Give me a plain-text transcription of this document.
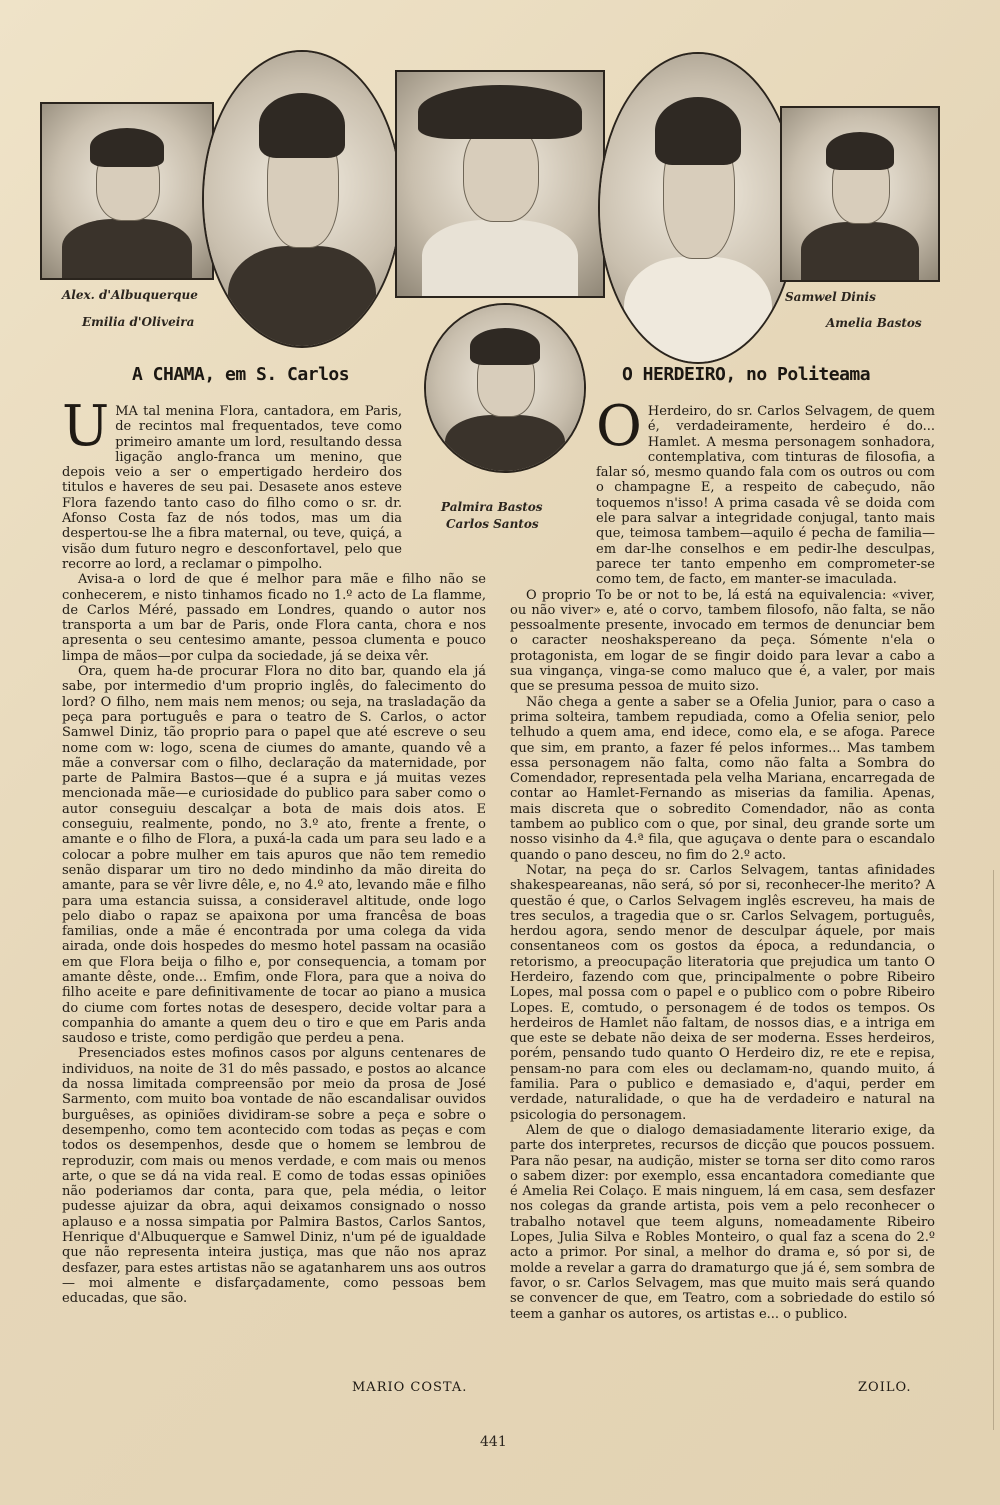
Alex. d'Albuquerque
Emilia d'Oliveira
Samwel Dinis
Amelia Bastos
Palmira Bastos
Carlos Santos
A CHAMA, em S. Carlos	O HERDEIRO, no Politeama

UMA tal menina Flora, cantadora, em Paris, de recintos mal frequentados, teve como primeiro amante um lord, resultando dessa ligação anglo-franca um menino, que depois veio a ser o empertigado herdeiro dos titulos e haveres de seu pai. Desasete anos esteve Flora fazendo tanto caso do filho como o sr. dr. Afonso Costa faz de nós todos, mas um dia despertou-se lhe a fibra maternal, ou teve, quiçá, a visão dum futuro negro e desconfortavel, pelo que recorre ao lord, a reclamar o pimpolho.

Avisa-a o lord de que é melhor para mãe e filho não se conhecerem, e nisto tinhamos ficado no 1.º acto de La flamme, de Carlos Méré, passado em Londres, quando o autor nos transporta a um bar de Paris, onde Flora canta, chora e nos apresenta o seu centesimo amante, pessoa clumenta e pouco limpa de mãos—por culpa da sociedade, já se deixa vêr.

Ora, quem ha-de procurar Flora no dito bar, quando ela já sabe, por intermedio d'um proprio inglês, do falecimento do lord? O filho, nem mais nem menos; ou seja, na trasladação da peça para português e para o teatro de S. Carlos, o actor Samwel Diniz, tão proprio para o papel que até escreve o seu nome com w: logo, scena de ciumes do amante, quando vê a mãe a conversar com o filho, declaração da maternidade, por parte de Palmira Bastos—que é a supra e já muitas vezes mencionada mãe—e curiosidade do publico para saber como o autor conseguiu descalçar a bota de mais dois atos. E conseguiu, realmente, pondo, no 3.º ato, frente a frente, o amante e o filho de Flora, a puxá-la cada um para seu lado e a colocar a pobre mulher em tais apuros que não tem remedio senão disparar um tiro no dedo mindinho da mão direita do amante, para se vêr livre dêle, e, no 4.º ato, levando mãe e filho para uma estancia suissa, a consideravel altitude, onde logo pelo diabo o rapaz se apaixona por uma francêsa de boas familias, onde a mãe é encontrada por uma colega da vida airada, onde dois hospedes do mesmo hotel passam na ocasião em que Flora beija o filho e, por consequencia, a tomam por amante dêste, onde... Emfim, onde Flora, para que a noiva do filho aceite e pare definitivamente de tocar ao piano a musica do ciume com fortes notas de desespero, decide voltar para a companhia do amante a quem deu o tiro e que em Paris anda saudoso e triste, como perdigão que perdeu a pena.

Presenciados estes mofinos casos por alguns centenares de individuos, na noite de 31 do mês passado, e postos ao alcance da nossa limitada compreensão por meio da prosa de José Sarmento, com muito boa vontade de não escandalisar ouvidos burguêses, as opiniões dividiram-se sobre a peça e sobre o desempenho, como tem acontecido com todas as peças e com todos os desempenhos, desde que o homem se lembrou de reproduzir, com mais ou menos verdade, e com mais ou menos arte, o que se dá na vida real. E como de todas essas opiniões não poderiamos dar conta, para que, pela média, o leitor pudesse ajuizar da obra, aqui deixamos consignado o nosso aplauso e a nossa simpatia por Palmira Bastos, Carlos Santos, Henrique d'Albuquerque e Samwel Diniz, n'um pé de igualdade que não representa inteira justiça, mas que não nos apraz desfazer, para estes artistas não se agatanharem uns aos outros— moi almente e disfarçadamente, como pessoas bem educadas, que são.

O Herdeiro, do sr. Carlos Selvagem, de quem é, verdadeiramente, herdeiro é do... Hamlet. A mesma personagem sonhadora, contemplativa, com tinturas de filosofia, a falar só, mesmo quando fala com os outros ou com o champagne E, a respeito de cabeçudo, não toquemos n'isso! A prima casada vê se doida com ele para salvar a integridade conjugal, tanto mais que, teimosa tambem—aquilo é pecha de familia—em dar-lhe conselhos e em pedir-lhe desculpas, parece ter tanto empenho em comprometer-se como tem, de facto, em manter-se imaculada.

O proprio To be or not to be, lá está na equivalencia: «viver, ou não viver» e, até o corvo, tambem filosofo, não falta, se não pessoalmente presente, invocado em termos de denunciar bem o caracter neoshakspereano da peça. Sómente n'ela o protagonista, em logar de se fingir doido para levar a cabo a sua vingança, vinga-se como maluco que é, a valer, por mais que se presuma pessoa de muito sizo.

Não chega a gente a saber se a Ofelia Junior, para o caso a prima solteira, tambem repudiada, como a Ofelia senior, pelo telhudo a quem ama, end idece, como ela, e se afoga. Parece que sim, em pranto, a fazer fé pelos informes... Mas tambem essa personagem não falta, como não falta a Sombra do Comendador, representada pela velha Mariana, encarregada de contar ao Hamlet-Fernando as miserias da familia. Apenas, mais discreta que o sobredito Comendador, não as conta tambem ao publico com o que, por sinal, deu grande sorte um nosso visinho da 4.ª fila, que aguçava o dente para o escandalo quando o pano desceu, no fim do 2.º acto.

Notar, na peça do sr. Carlos Selvagem, tantas afinidades shakespeareanas, não será, só por si, reconhecer-lhe merito? A questão é que, o Carlos Selvagem inglês escreveu, ha mais de tres seculos, a tragedia que o sr. Carlos Selvagem, português, herdou agora, sendo menor de desculpar áquele, por mais consentaneos com os gostos da época, a redundancia, o retorismo, a preocupação literatoria que prejudica um tanto O Herdeiro, fazendo com que, principalmente o pobre Ribeiro Lopes, mal possa com o papel e o publico com o pobre Ribeiro Lopes. E, comtudo, o personagem é de todos os tempos. Os herdeiros de Hamlet não faltam, de nossos dias, e a intriga em que este se debate não deixa de ser moderna. Esses herdeiros, porém, pensando tudo quanto O Herdeiro diz, re ete e repisa, pensam-no para com eles ou declamam-no, quando muito, á familia. Para o publico e demasiado e, d'aqui, perder em verdade, naturalidade, o que ha de verdadeiro e natural na psicologia do personagem.

Alem de que o dialogo demasiadamente literario exige, da parte dos interpretes, recursos de dicção que poucos possuem. Para não pesar, na audição, mister se torna ser dito como raros o sabem dizer: por exemplo, essa encantadora comediante que é Amelia Rei Colaço. E mais ninguem, lá em casa, sem desfazer nos colegas da grande artista, pois vem a pelo reconhecer o trabalho notavel que teem alguns, nomeadamente Ribeiro Lopes, Julia Silva e Robles Monteiro, o qual faz a scena do 2.º acto a primor. Por sinal, a melhor do drama e, só por si, de molde a revelar a garra do dramaturgo que já é, sem sombra de favor, o sr. Carlos Selvagem, mas que muito mais será quando se convencer de que, em Teatro, com a sobriedade do estilo só teem a ganhar os autores, os artistas e... o publico.

MARIO COSTA.	ZOILO.
441
